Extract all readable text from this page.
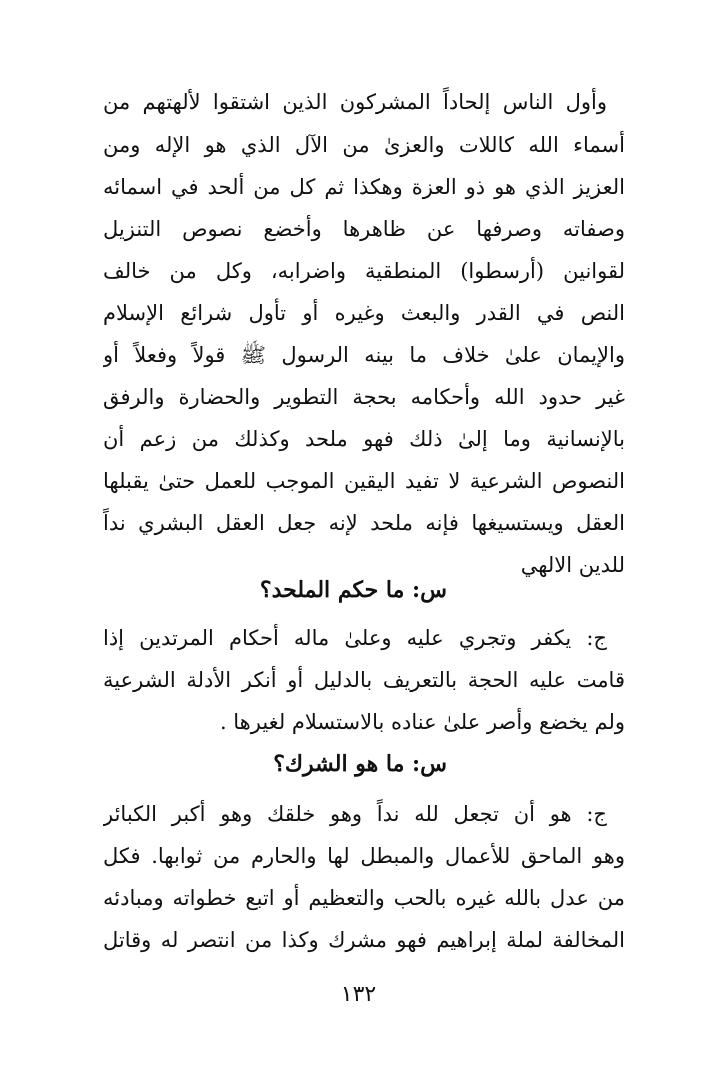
وأول الناس إلحاداً المشركون الذين اشتقوا لألهتهم من
أسماء الله كاللات والعزىٰ من الآل الذي هو الإله ومن
العزيز الذي هو ذو العزة وهكذا ثم كل من ألحد في اسمائه
وصفاته وصرفها عن ظاهرها وأخضع نصوص التنزيل
لقوانين (أرسطوا) المنطقية واضرابه، وكل من خالف
النص في القدر والبعث وغيره أو تأول شرائع الإسلام
والإيمان علىٰ خلاف ما بينه الرسول ﷺ قولاً وفعلاً أو
غير حدود الله وأحكامه بحجة التطوير والحضارة والرفق
بالإنسانية وما إلىٰ ذلك فهو ملحد وكذلك من زعم أن
النصوص الشرعية لا تفيد اليقين الموجب للعمل حتىٰ يقبلها
العقل ويستسيغها فإنه ملحد لإنه جعل العقل البشري نداً
للدين الالهي
س: ما حكم الملحد؟
ج: يكفر وتجري عليه وعلىٰ ماله أحكام المرتدين إذا
قامت عليه الحجة بالتعريف بالدليل أو أنكر الأدلة الشرعية
ولم يخضع وأصر علىٰ عناده بالاستسلام لغيرها .
س: ما هو الشرك؟
ج: هو أن تجعل لله نداً وهو خلقك وهو أكبر الكبائر
وهو الماحق للأعمال والمبطل لها والحارم من ثوابها. فكل
من عدل بالله غيره بالحب والتعظيم أو اتبع خطواته ومبادئه
المخالفة لملة إبراهيم فهو مشرك وكذا من انتصر له وقاتل
١٣٢
